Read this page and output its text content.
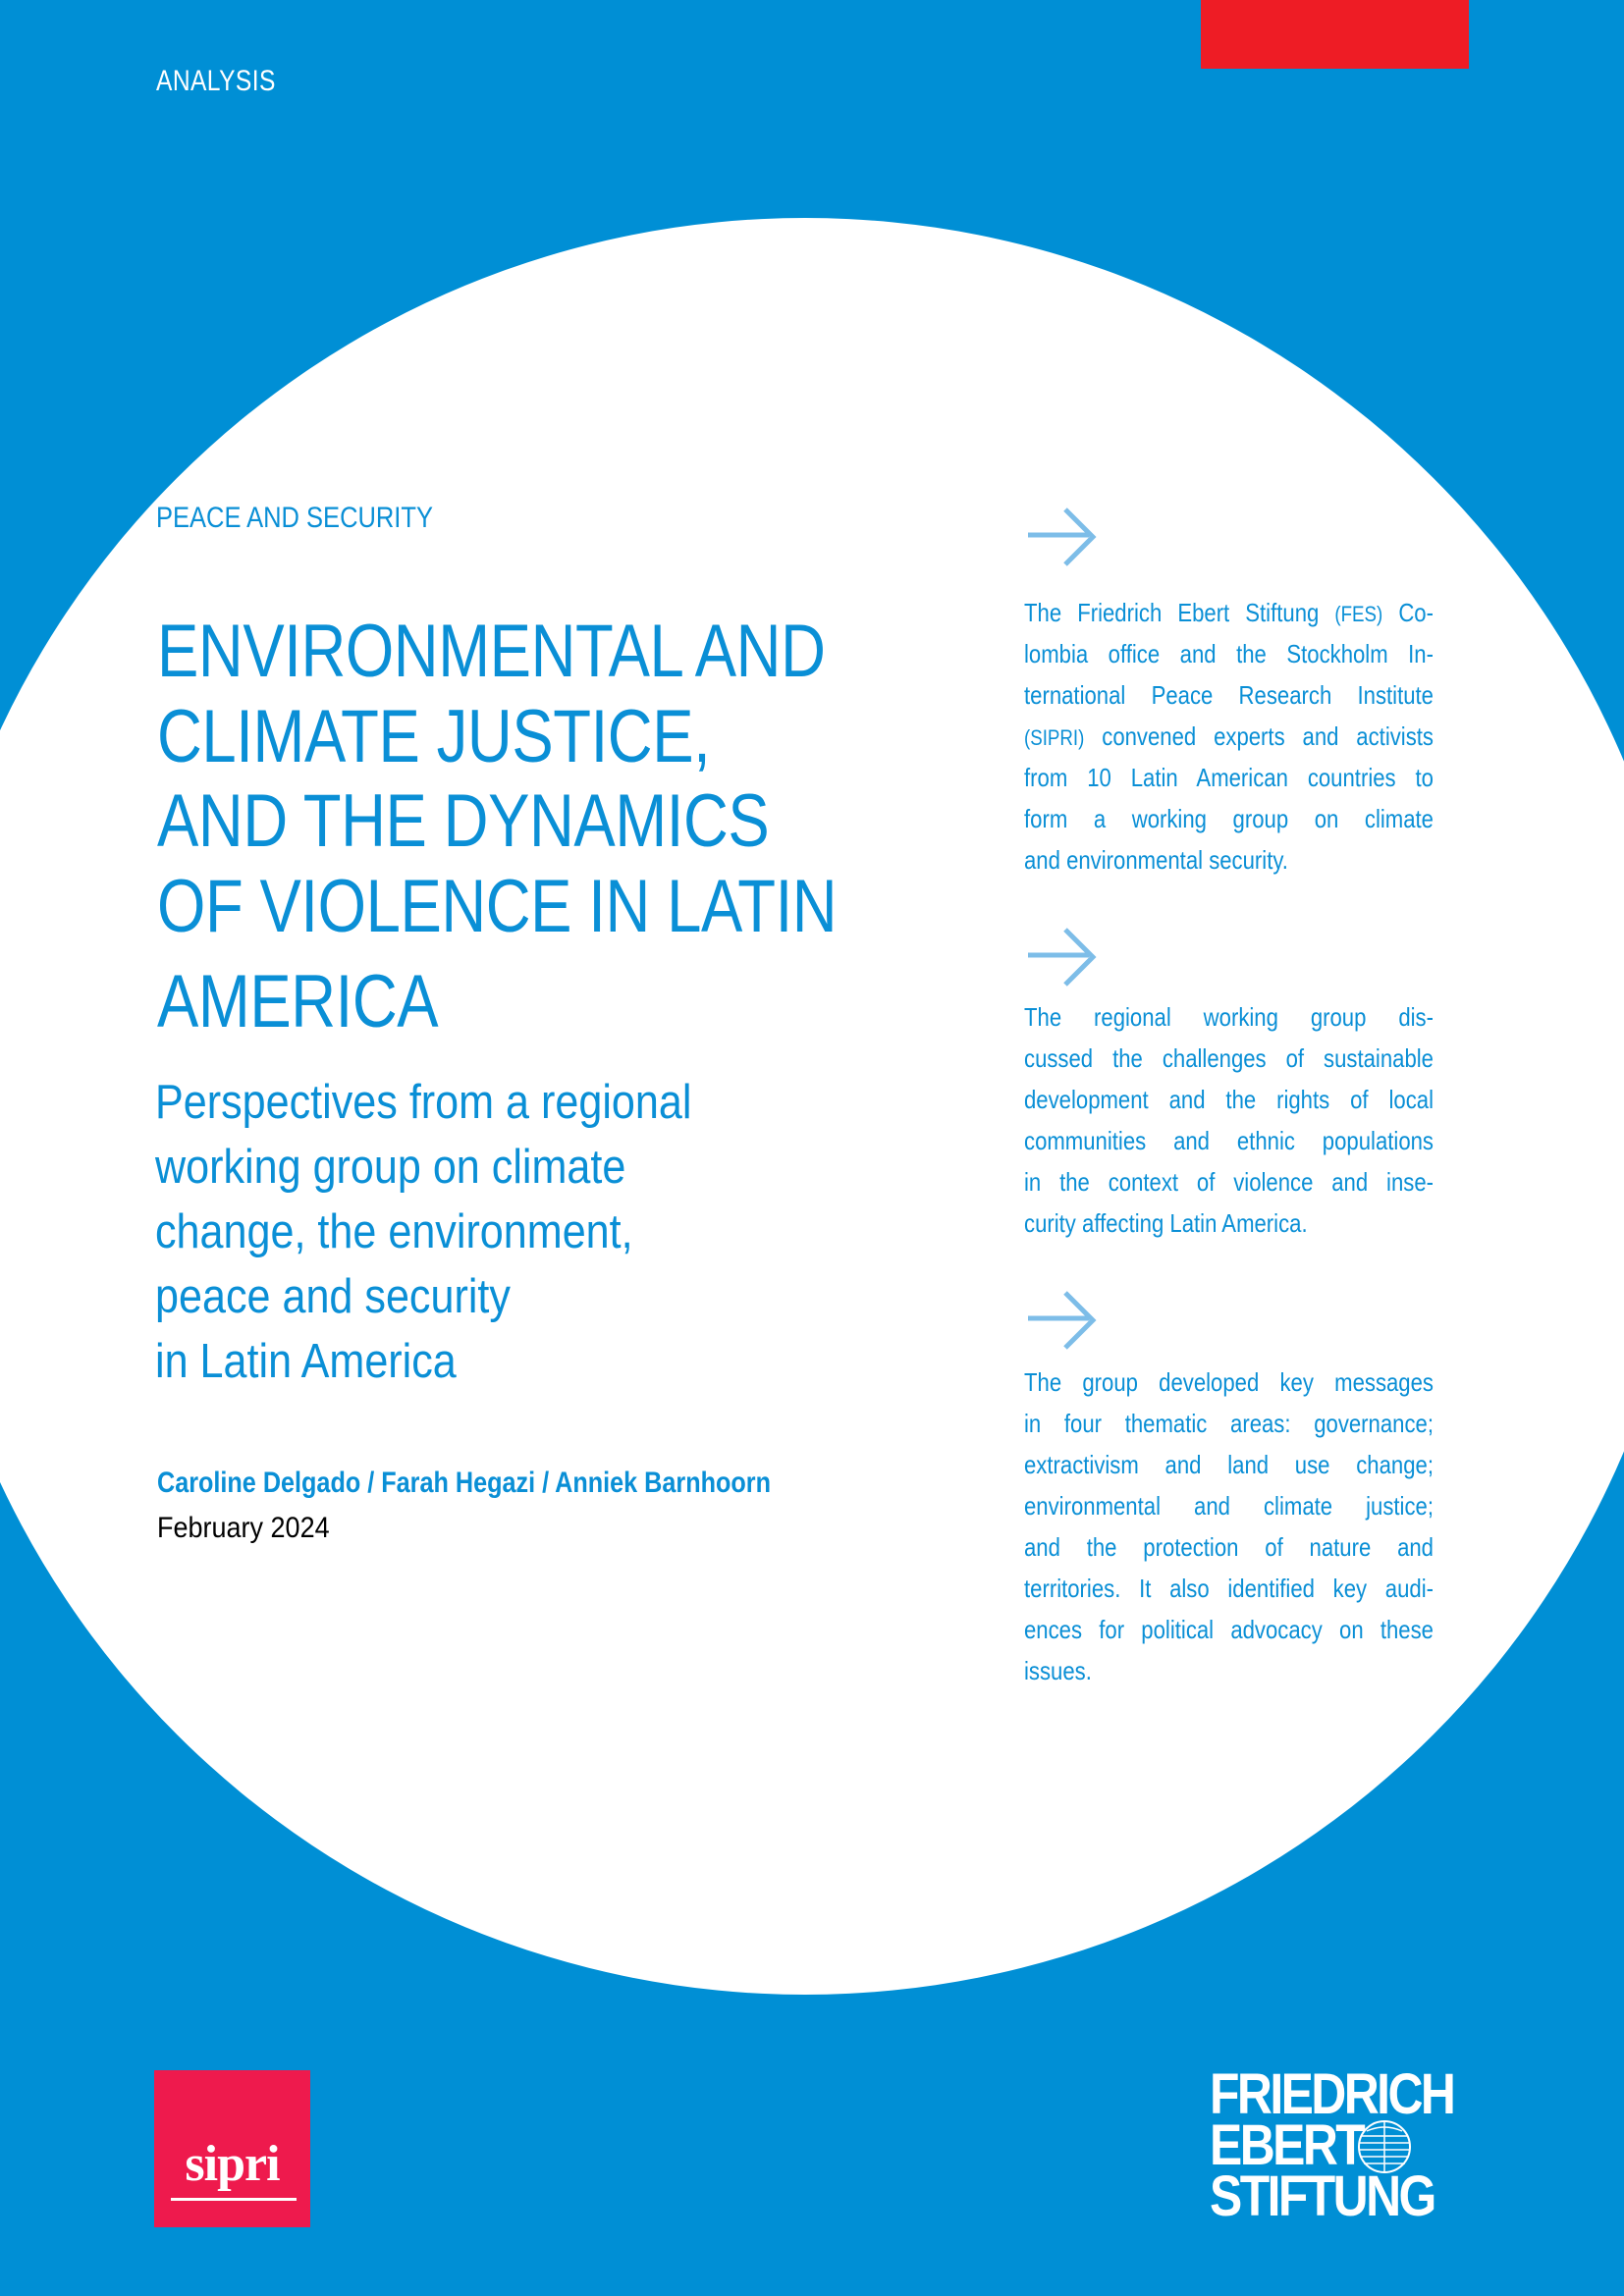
ANALYSIS
PEACE AND SECURITY
ENVIRONMENTAL AND
CLIMATE JUSTICE,
AND THE DYNAMICS
OF VIOLENCE IN LATIN
AMERICA
Perspectives from a regional
working group on climate
change, the environment,
peace and security
in Latin America
Caroline Delgado / Farah Hegazi / Anniek Barnhoorn
February 2024
The Friedrich Ebert Stiftung (FES) Co-
lombia office and the Stockholm In-
ternational Peace Research Institute
(SIPRI) convened experts and activists
from 10 Latin American countries to
form a working group on climate
and environmental security.
The regional working group dis-
cussed the challenges of sustainable
development and the rights of local
communities and ethnic populations
in the context of violence and inse-
curity affecting Latin America.
The group developed key messages
in four thematic areas: governance;
extractivism and land use change;
environmental and climate justice;
and the protection of nature and
territories. It also identified key audi-
ences for political advocacy on these
issues.
sipri
FRIEDRICH
EBERT
STIFTUNG
